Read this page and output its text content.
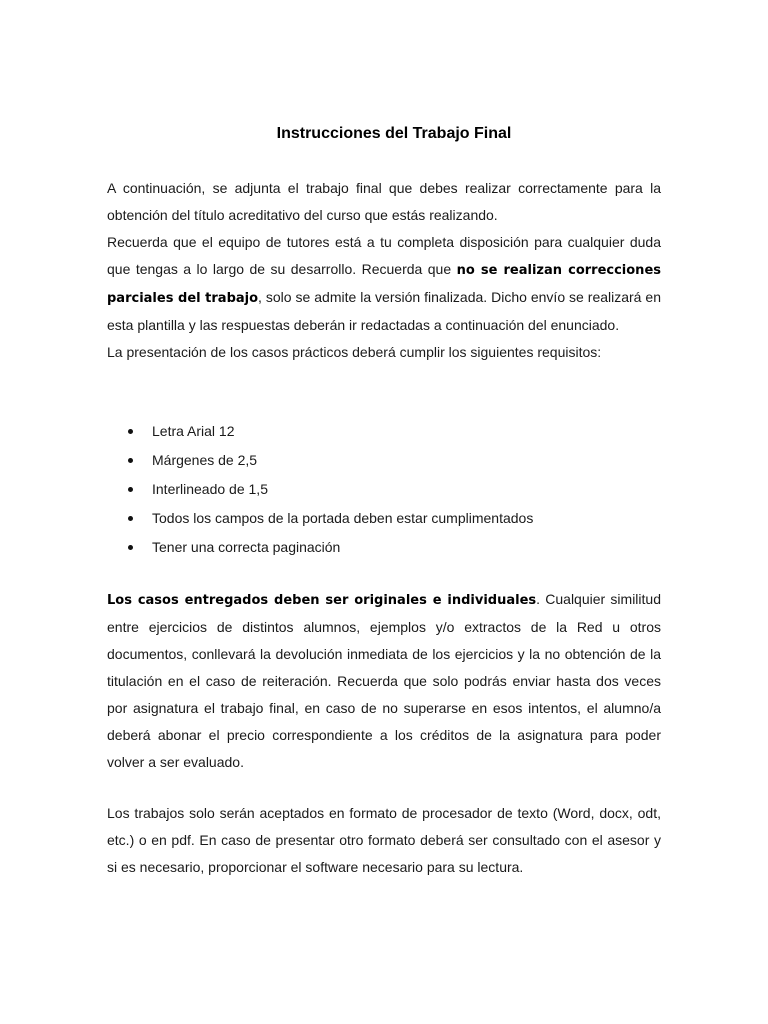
Instrucciones del Trabajo Final

A continuación, se adjunta el trabajo final que debes realizar correctamente para la obtención del título acreditativo del curso que estás realizando.

Recuerda que el equipo de tutores está a tu completa disposición para cualquier duda que tengas a lo largo de su desarrollo. Recuerda que no se realizan correcciones parciales del trabajo, solo se admite la versión finalizada. Dicho envío se realizará en esta plantilla y las respuestas deberán ir redactadas a continuación del enunciado.

La presentación de los casos prácticos deberá cumplir los siguientes requisitos:

Letra Arial 12
Márgenes de 2,5
Interlineado de 1,5
Todos los campos de la portada deben estar cumplimentados
Tener una correcta paginación

Los casos entregados deben ser originales e individuales. Cualquier similitud entre ejercicios de distintos alumnos, ejemplos y/o extractos de la Red u otros documentos, conllevará la devolución inmediata de los ejercicios y la no obtención de la titulación en el caso de reiteración. Recuerda que solo podrás enviar hasta dos veces por asignatura el trabajo final, en caso de no superarse en esos intentos, el alumno/a deberá abonar el precio correspondiente a los créditos de la asignatura para poder volver a ser evaluado.

Los trabajos solo serán aceptados en formato de procesador de texto (Word, docx, odt, etc.) o en pdf. En caso de presentar otro formato deberá ser consultado con el asesor y si es necesario, proporcionar el software necesario para su lectura.
